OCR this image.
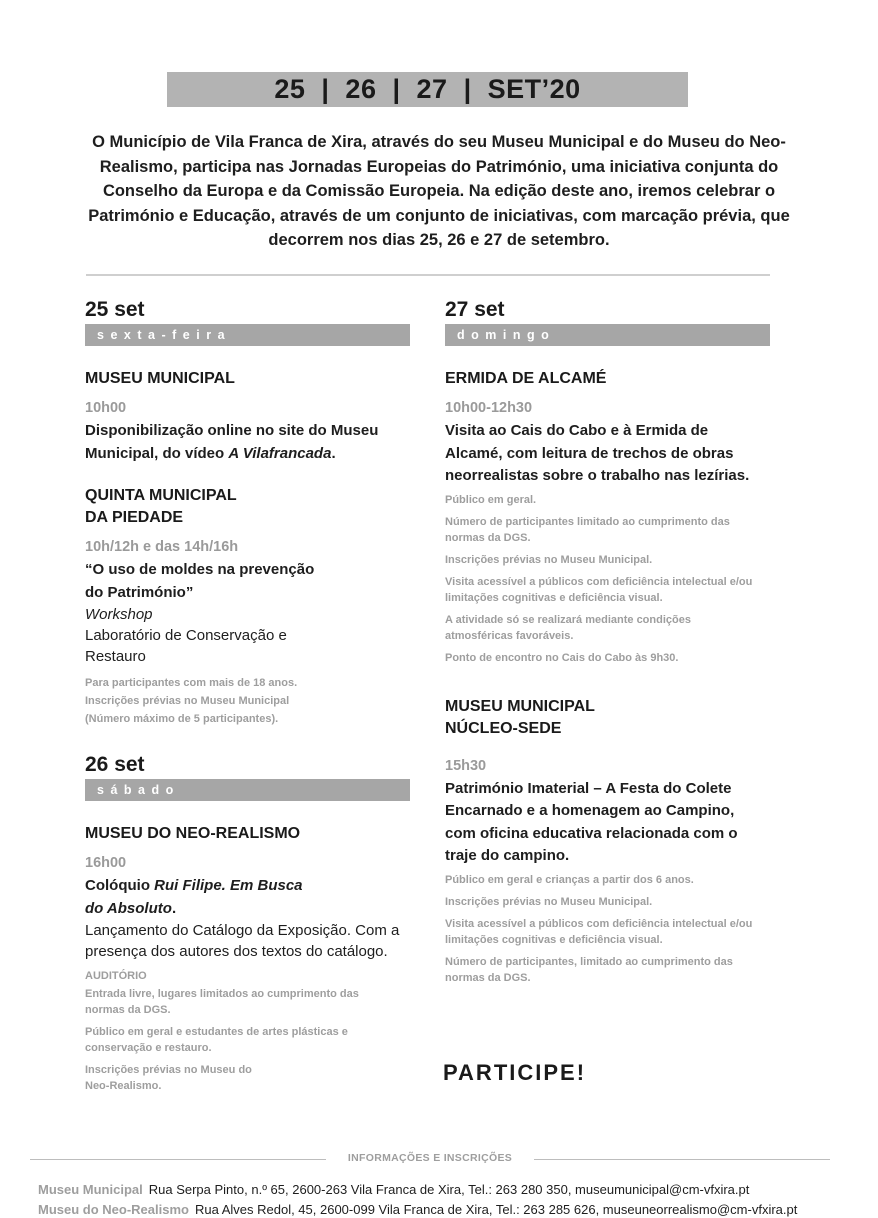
25 | 26 | 27 | SET’20
O Município de Vila Franca de Xira, através do seu Museu Municipal e do Museu do Neo-Realismo, participa nas Jornadas Europeias do Património, uma iniciativa conjunta do Conselho da Europa e da Comissão Europeia. Na edição deste ano, iremos celebrar o Património e Educação, através de um conjunto de iniciativas, com marcação prévia, que decorrem nos dias 25, 26 e 27 de setembro.
25 set
sexta-feira
MUSEU MUNICIPAL
10h00
Disponibilização online no site do Museu Municipal, do vídeo A Vilafrancada.
QUINTA MUNICIPAL
DA PIEDADE
10h/12h e das 14h/16h
“O uso de moldes na prevenção do Património”
Workshop
Laboratório de Conservação e Restauro
Para participantes com mais de 18 anos.
Inscrições prévias no Museu Municipal
(Número máximo de 5 participantes).
26 set
sábado
MUSEU DO NEO-REALISMO
16h00
Colóquio Rui Filipe. Em Busca do Absoluto.
Lançamento do Catálogo da Exposição. Com a presença dos autores dos textos do catálogo.
AUDITÓRIO
Entrada livre, lugares limitados ao cumprimento das normas da DGS.
Público em geral e estudantes de artes plásticas e conservação e restauro.
Inscrições prévias no Museu do Neo-Realismo.
27 set
domingo
ERMIDA DE ALCAMÉ
10h00-12h30
Visita ao Cais do Cabo e à Ermida de Alcamé, com leitura de trechos de obras neorrealistas sobre o trabalho nas lezírias.
Público em geral.
Número de participantes limitado ao cumprimento das normas da DGS.
Inscrições prévias no Museu Municipal.
Visita acessível a públicos com deficiência intelectual e/ou limitações cognitivas e deficiência visual.
A atividade só se realizará mediante condições atmosféricas favoráveis.
Ponto de encontro no Cais do Cabo às 9h30.
MUSEU MUNICIPAL
NÚCLEO-SEDE
15h30
Património Imaterial – A Festa do Colete Encarnado e a homenagem ao Campino, com oficina educativa relacionada com o traje do campino.
Público em geral e crianças a partir dos 6 anos.
Inscrições prévias no Museu Municipal.
Visita acessível a públicos com deficiência intelectual e/ou limitações cognitivas e deficiência visual.
Número de participantes, limitado ao cumprimento das normas da DGS.
PARTICIPE!
INFORMAÇÕES E INSCRIÇÕES
Museu Municipal Rua Serpa Pinto, n.º 65, 2600-263 Vila Franca de Xira, Tel.: 263 280 350, museumunicipal@cm-vfxira.pt
Museu do Neo-Realismo Rua Alves Redol, 45, 2600-099 Vila Franca de Xira, Tel.: 263 285 626, museuneorrealismo@cm-vfxira.pt
